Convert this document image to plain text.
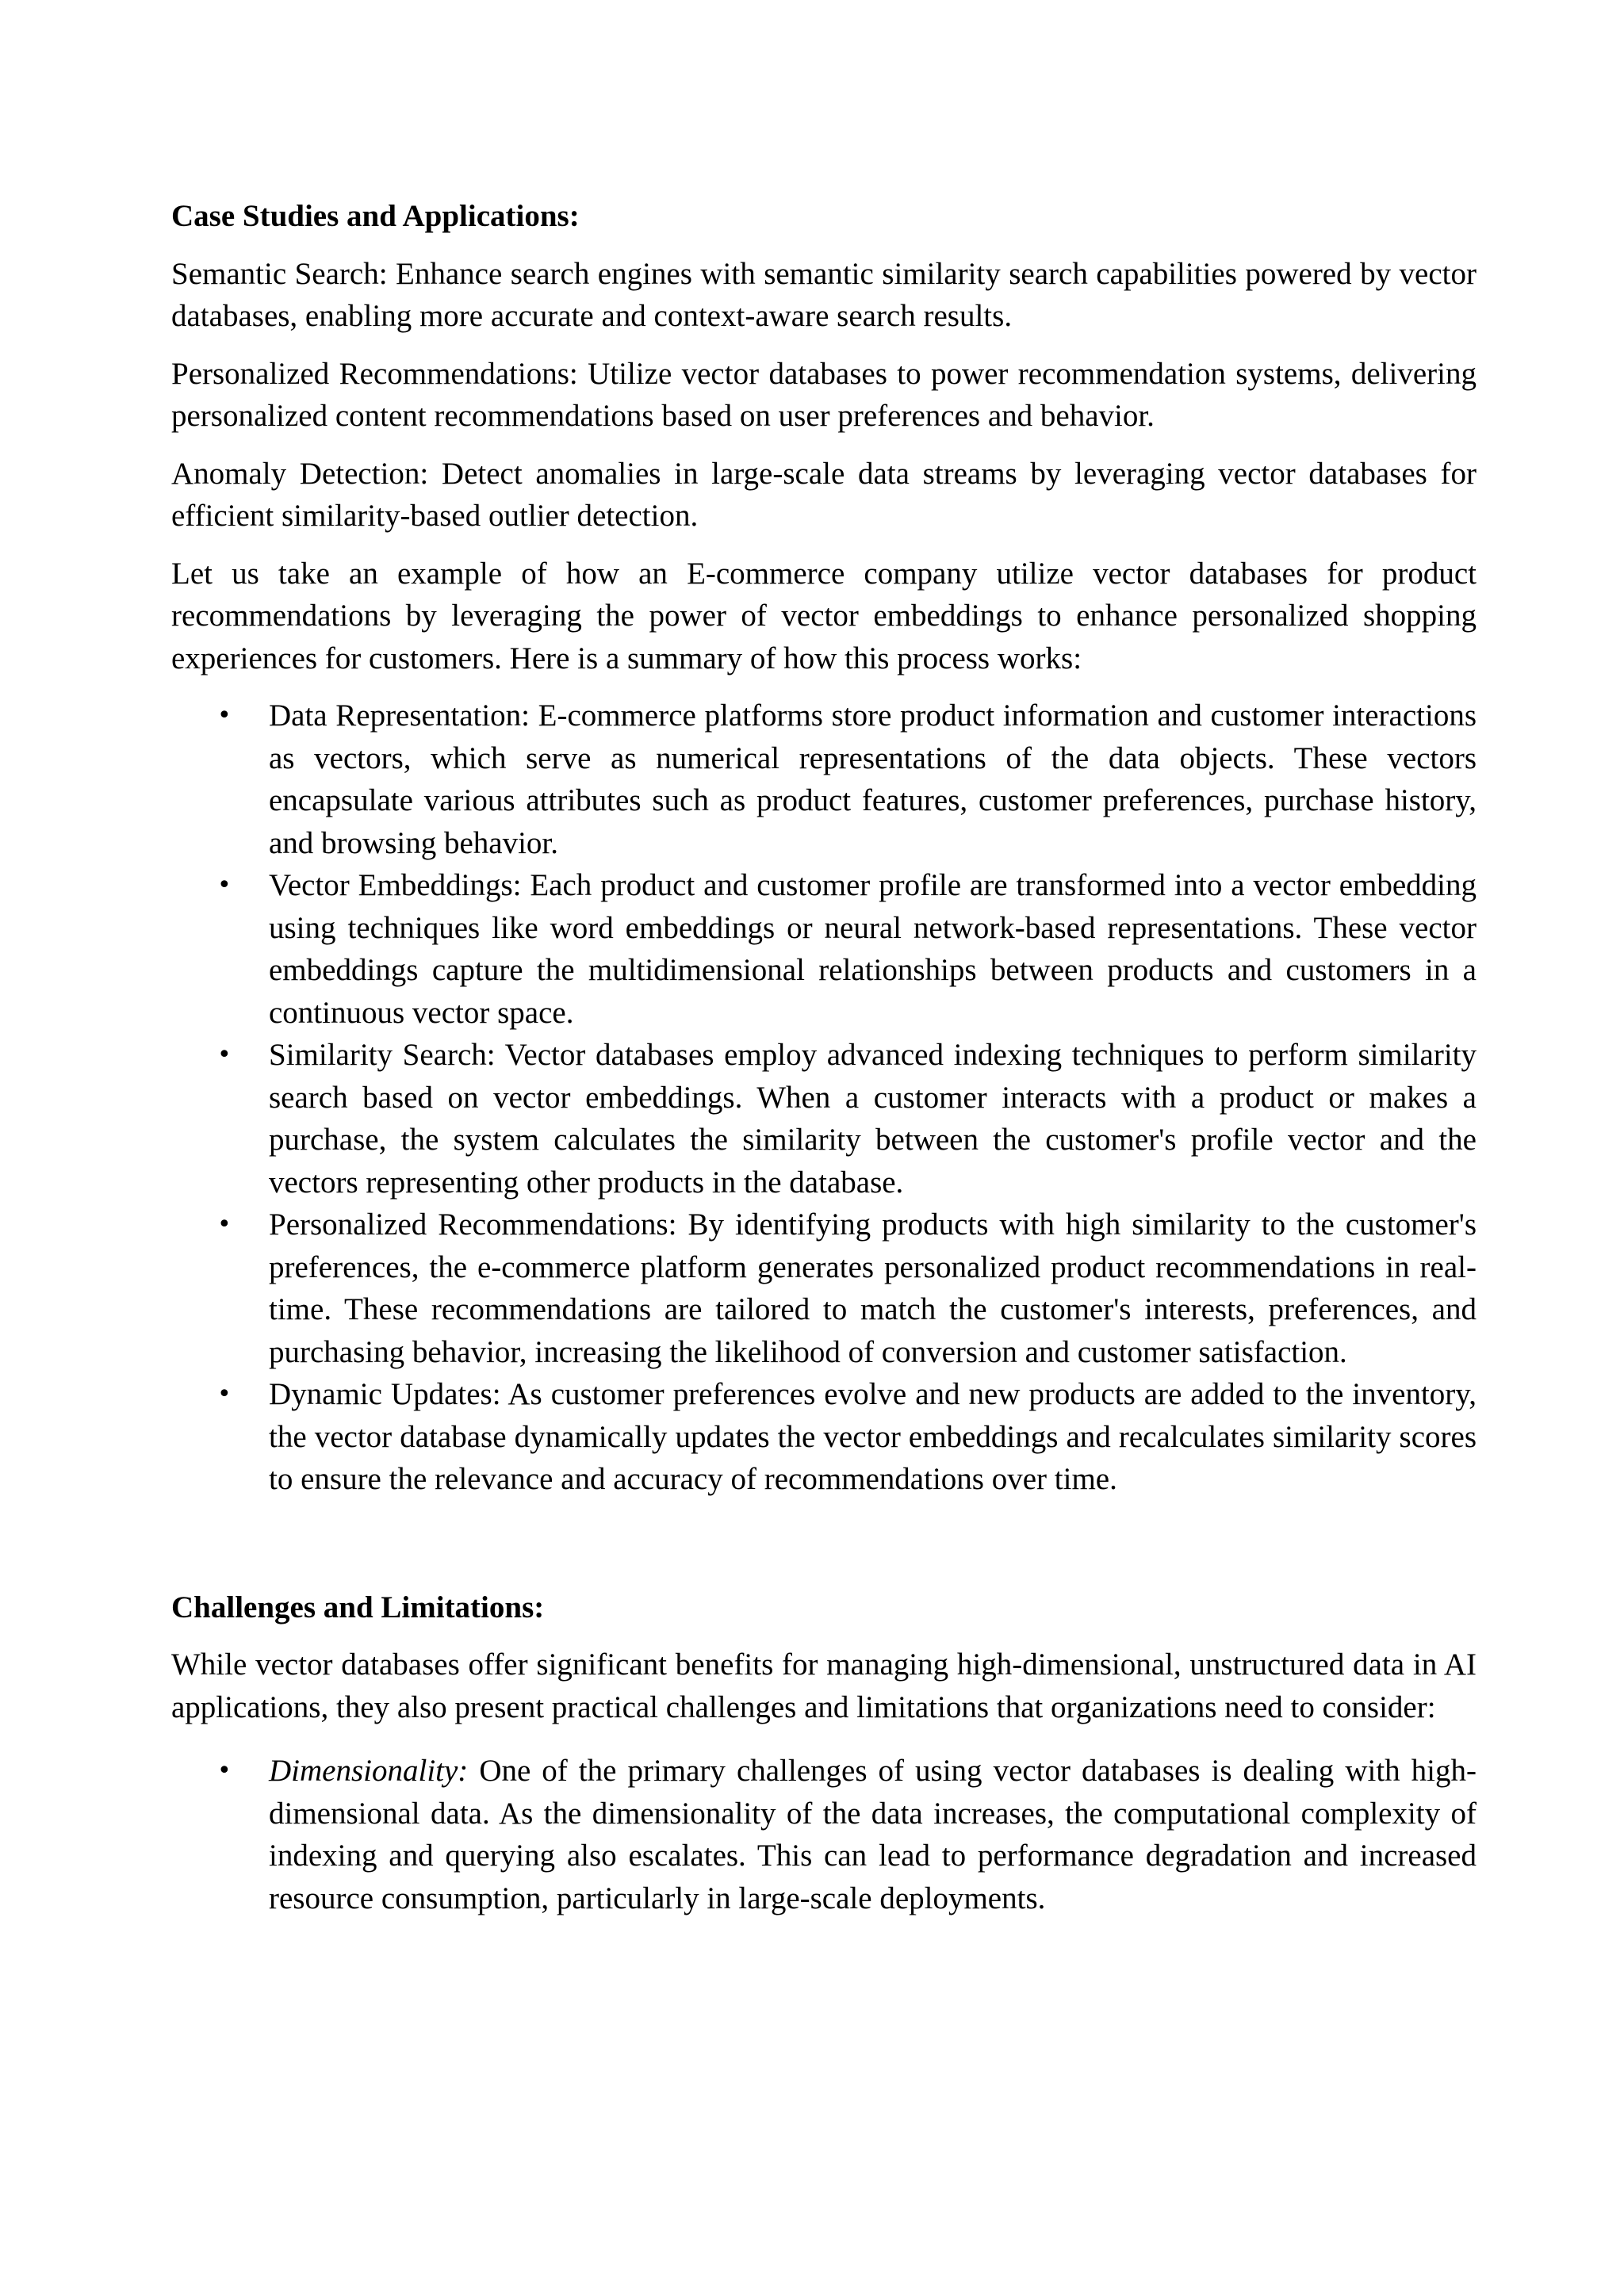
Case Studies and Applications:

Semantic Search: Enhance search engines with semantic similarity search capabilities powered by vector databases, enabling more accurate and context-aware search results.

Personalized Recommendations: Utilize vector databases to power recommendation systems, delivering personalized content recommendations based on user preferences and behavior.

Anomaly Detection: Detect anomalies in large-scale data streams by leveraging vector databases for efficient similarity-based outlier detection.

Let us take an example of how an E-commerce company utilize vector databases for product recommendations by leveraging the power of vector embeddings to enhance personalized shopping experiences for customers. Here is a summary of how this process works:

• Data Representation: E-commerce platforms store product information and customer interactions as vectors, which serve as numerical representations of the data objects. These vectors encapsulate various attributes such as product features, customer preferences, purchase history, and browsing behavior.
• Vector Embeddings: Each product and customer profile are transformed into a vector embedding using techniques like word embeddings or neural network-based representations. These vector embeddings capture the multidimensional relationships between products and customers in a continuous vector space.
• Similarity Search: Vector databases employ advanced indexing techniques to perform similarity search based on vector embeddings. When a customer interacts with a product or makes a purchase, the system calculates the similarity between the customer's profile vector and the vectors representing other products in the database.
• Personalized Recommendations: By identifying products with high similarity to the customer's preferences, the e-commerce platform generates personalized product recommendations in real-time. These recommendations are tailored to match the customer's interests, preferences, and purchasing behavior, increasing the likelihood of conversion and customer satisfaction.
• Dynamic Updates: As customer preferences evolve and new products are added to the inventory, the vector database dynamically updates the vector embeddings and recalculates similarity scores to ensure the relevance and accuracy of recommendations over time.
Challenges and Limitations:

While vector databases offer significant benefits for managing high-dimensional, unstructured data in AI applications, they also present practical challenges and limitations that organizations need to consider:

• Dimensionality: One of the primary challenges of using vector databases is dealing with high-dimensional data. As the dimensionality of the data increases, the computational complexity of indexing and querying also escalates. This can lead to performance degradation and increased resource consumption, particularly in large-scale deployments.
